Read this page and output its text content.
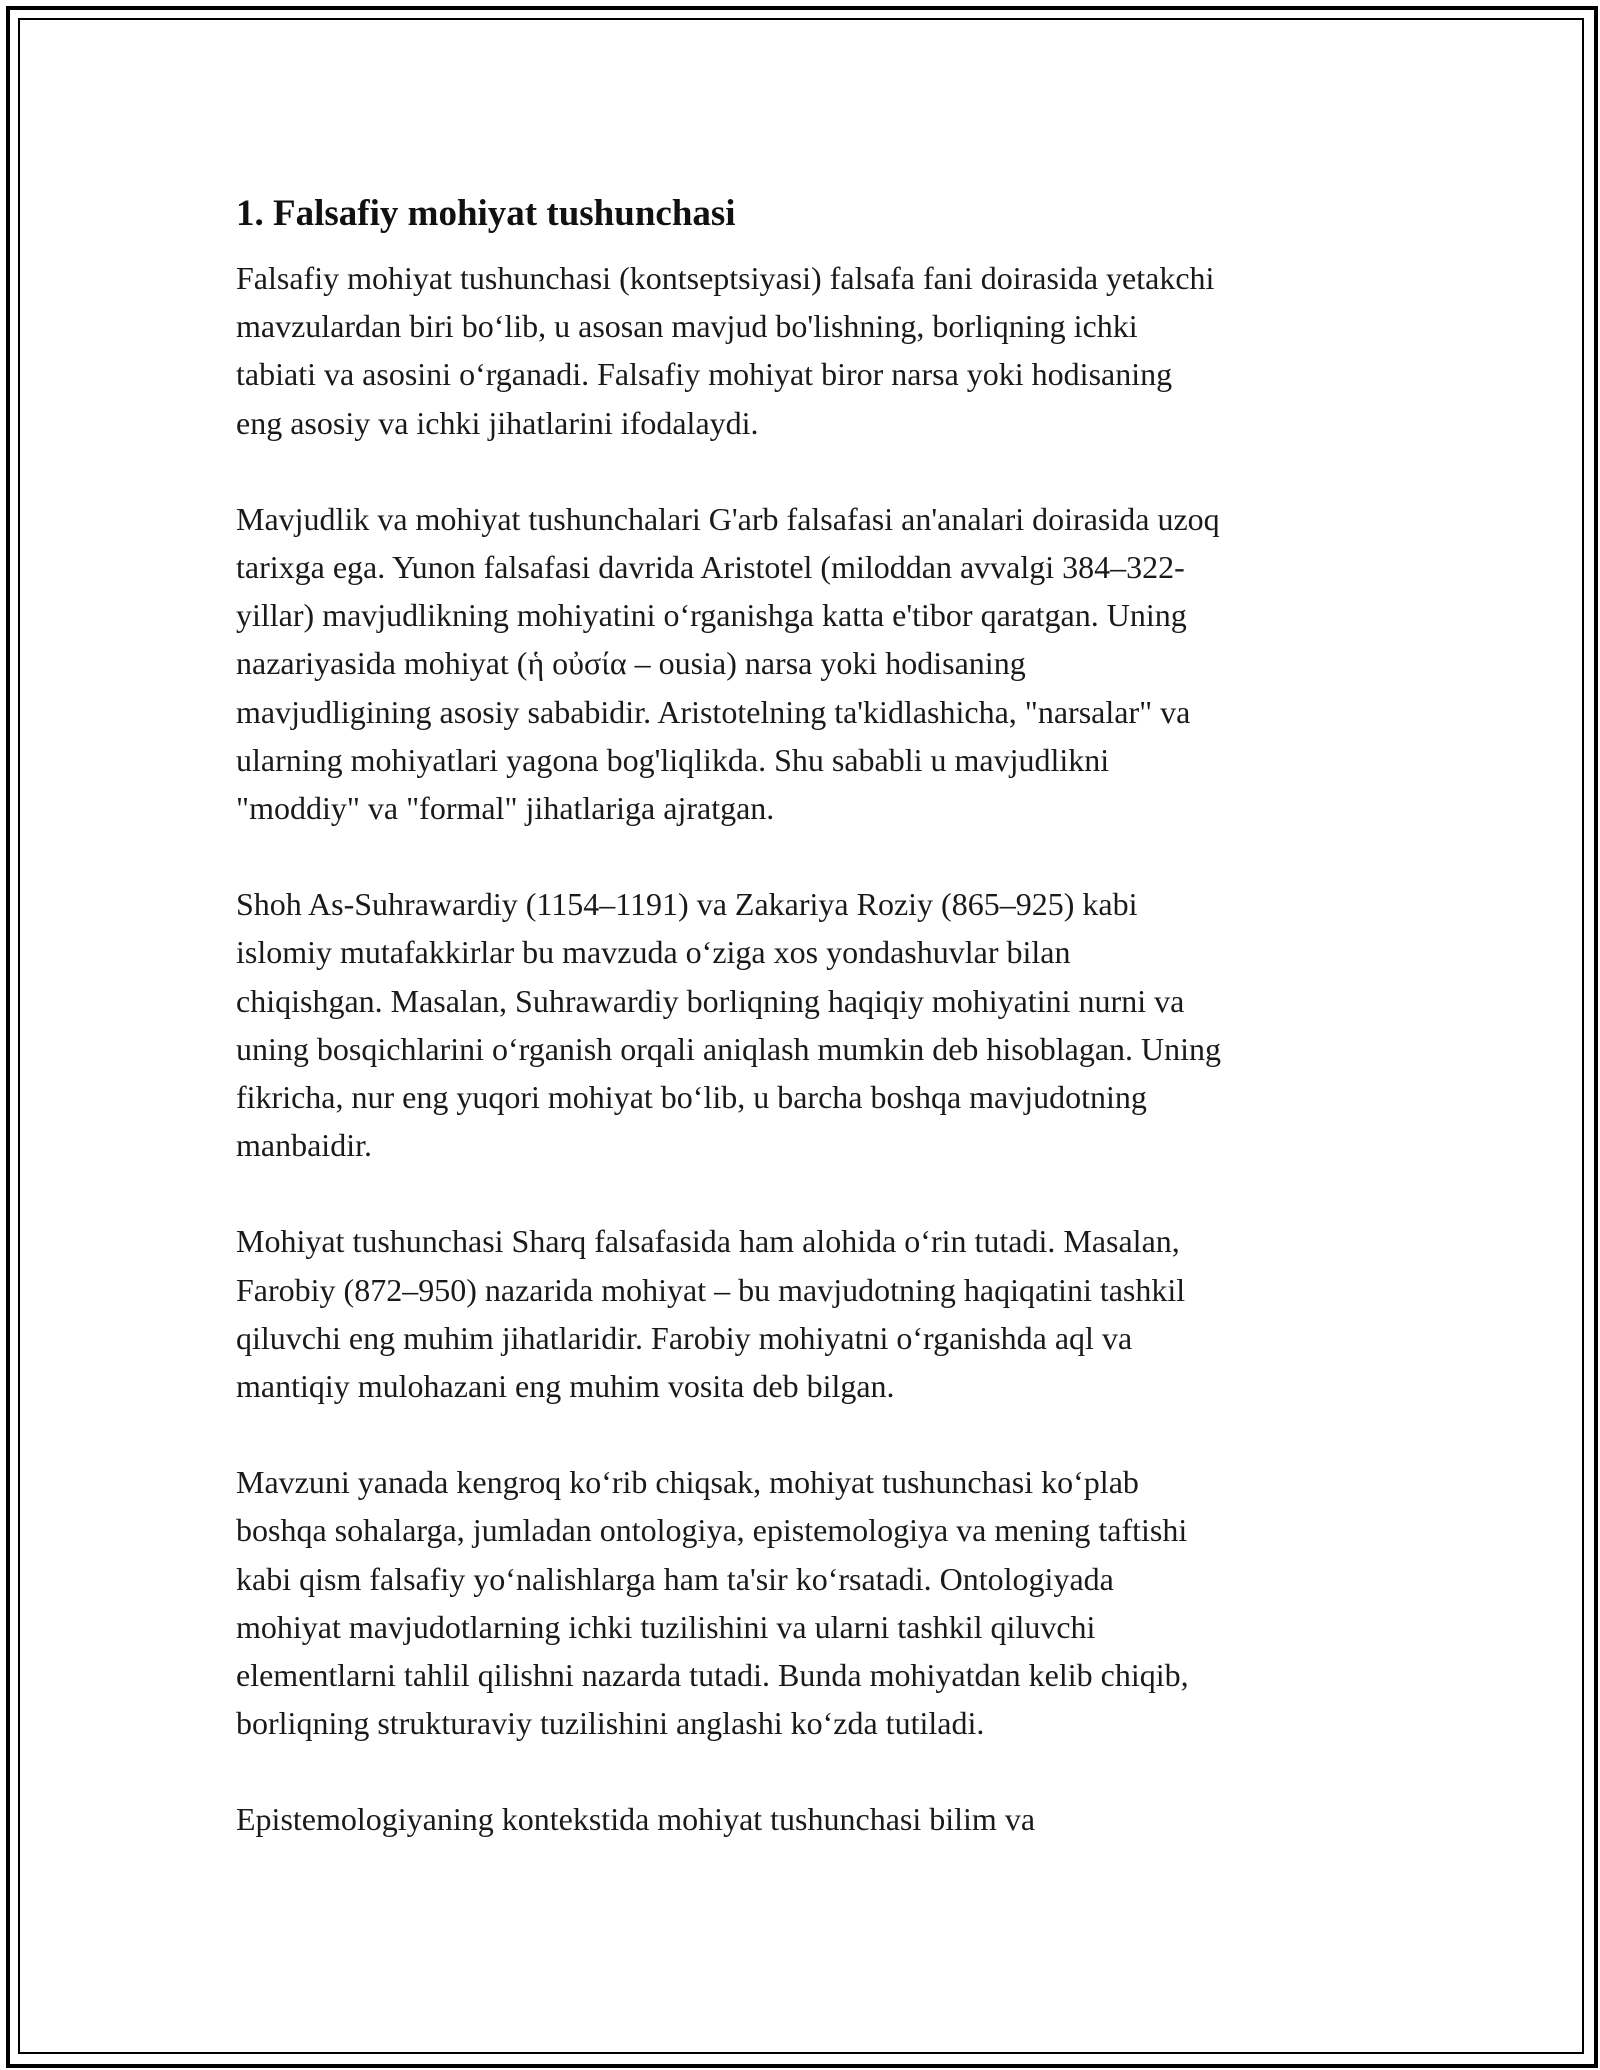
1. Falsafiy mohiyat tushunchasi
Falsafiy mohiyat tushunchasi (kontseptsiyasi) falsafa fani doirasida yetakchi
mavzulardan biri bo‘lib, u asosan mavjud bo'lishning, borliqning ichki
tabiati va asosini o‘rganadi. Falsafiy mohiyat biror narsa yoki hodisaning
eng asosiy va ichki jihatlarini ifodalaydi.
Mavjudlik va mohiyat tushunchalari G'arb falsafasi an'analari doirasida uzoq
tarixga ega. Yunon falsafasi davrida Aristotel (miloddan avvalgi 384–322-
yillar) mavjudlikning mohiyatini o‘rganishga katta e'tibor qaratgan. Uning
nazariyasida mohiyat (ἡ οὐσία – ousia) narsa yoki hodisaning
mavjudligining asosiy sababidir. Aristotelning ta'kidlashicha, "narsalar" va
ularning mohiyatlari yagona bog'liqlikda. Shu sababli u mavjudlikni
"moddiy" va "formal" jihatlariga ajratgan.
Shoh As-Suhrawardiy (1154–1191) va Zakariya Roziy (865–925) kabi
islomiy mutafakkirlar bu mavzuda o‘ziga xos yondashuvlar bilan
chiqishgan. Masalan, Suhrawardiy borliqning haqiqiy mohiyatini nurni va
uning bosqichlarini o‘rganish orqali aniqlash mumkin deb hisoblagan. Uning
fikricha, nur eng yuqori mohiyat bo‘lib, u barcha boshqa mavjudotning
manbaidir.
Mohiyat tushunchasi Sharq falsafasida ham alohida o‘rin tutadi. Masalan,
Farobiy (872–950) nazarida mohiyat – bu mavjudotning haqiqatini tashkil
qiluvchi eng muhim jihatlaridir. Farobiy mohiyatni o‘rganishda aql va
mantiqiy mulohazani eng muhim vosita deb bilgan.
Mavzuni yanada kengroq ko‘rib chiqsak, mohiyat tushunchasi ko‘plab
boshqa sohalarga, jumladan ontologiya, epistemologiya va mening taftishi
kabi qism falsafiy yo‘nalishlarga ham ta'sir ko‘rsatadi. Ontologiyada
mohiyat mavjudotlarning ichki tuzilishini va ularni tashkil qiluvchi
elementlarni tahlil qilishni nazarda tutadi. Bunda mohiyatdan kelib chiqib,
borliqning strukturaviy tuzilishini anglashi ko‘zda tutiladi.
Epistemologiyaning kontekstida mohiyat tushunchasi bilim va
